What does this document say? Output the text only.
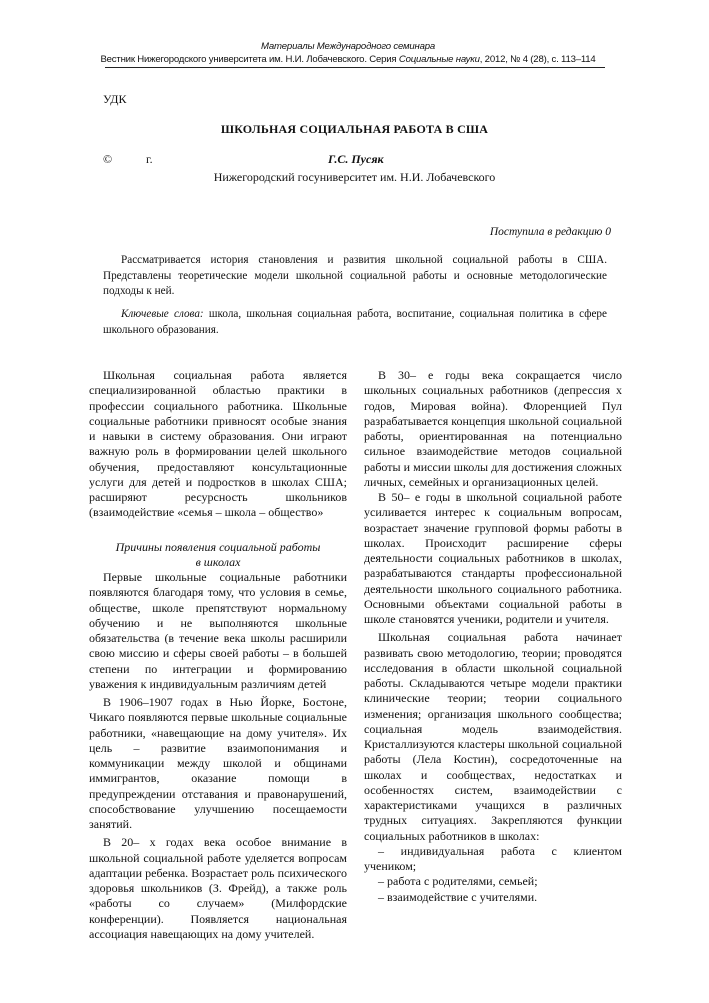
Материалы Международного семинара
Вестник Нижегородского университета им. Н.И. Лобачевского. Серия Социальные науки, 2012, № 4 (28), с. 113–114
УДК
ШКОЛЬНАЯ СОЦИАЛЬНАЯ РАБОТА В США
©	г.	Г.С. Пусяк
Нижегородский госуниверситет им. Н.И. Лобачевского
Поступила в редакцию 0

Рассматривается история становления и развития школьной социальной работы в США. Представлены теоретические модели школьной социальной работы и основные методологические подходы к ней.

Ключевые слова: школа, школьная социальная работа, воспитание, социальная политика в сфере школьного образования.

Школьная социальная работа является специализированной областью практики в профессии социального работника. Школьные социальные работники привносят особые знания и навыки в систему образования. Они играют важную роль в формировании целей школьного обучения, предоставляют консультационные услуги для детей и подростков в школах США; расширяют ресурсность школьников (взаимодействие «семья – школа – общество»

Причины появления социальной работы
в школах

Первые школьные социальные работники появляются благодаря тому, что условия в семье, обществе, школе препятствуют нормальному обучению и не выполняются школьные обязательства (в течение века школы расширили свою миссию и сферы своей работы – в большей степени по интеграции и формированию уважения к индивидуальным различиям детей

В 1906–1907 годах в Нью Йорке, Бостоне, Чикаго появляются первые школьные социальные работники, «навещающие на дому учителя». Их цель – развитие взаимопонимания и коммуникации между школой и общинами иммигрантов, оказание помощи в предупреждении отставания и правонарушений, способствование улучшению посещаемости занятий.

В 20– х годах века особое внимание в школьной социальной работе уделяется вопросам адаптации ребенка. Возрастает роль психического здоровья школьников (З. Фрейд), а также роль «работы со случаем» (Милфордские конференции). Появляется национальная ассоциация навещающих на дому учителей.

В 30– е годы века сокращается число школьных социальных работников (депрессия х годов, Мировая война). Флоренцией Пул разрабатывается концепция школьной социальной работы, ориентированная на потенциально сильное взаимодействие методов социальной работы и миссии школы для достижения сложных личных, семейных и организационных целей.

В 50– е годы в школьной социальной работе усиливается интерес к социальным вопросам, возрастает значение групповой формы работы в школах. Происходит расширение сферы деятельности социальных работников в школах, разрабатываются стандарты профессиональной деятельности школьного социального работника. Основными объектами социальной работы в школе становятся ученики, родители и учителя.

Школьная социальная работа начинает развивать свою методологию, теории; проводятся исследования в области школьной социальной работы. Складываются четыре модели практики клинические теории; теории социального изменения; организация школьного сообщества; социальная модель взаимодействия. Кристаллизуются кластеры школьной социальной работы (Лела Костин), сосредоточенные на школах и сообществах, недостатках и особенностях систем, взаимодействии с характеристиками учащихся в различных трудных ситуациях. Закрепляются функции социальных работников в школах:

– индивидуальная работа с клиентом учеником;

– работа с родителями, семьей;

– взаимодействие с учителями.
